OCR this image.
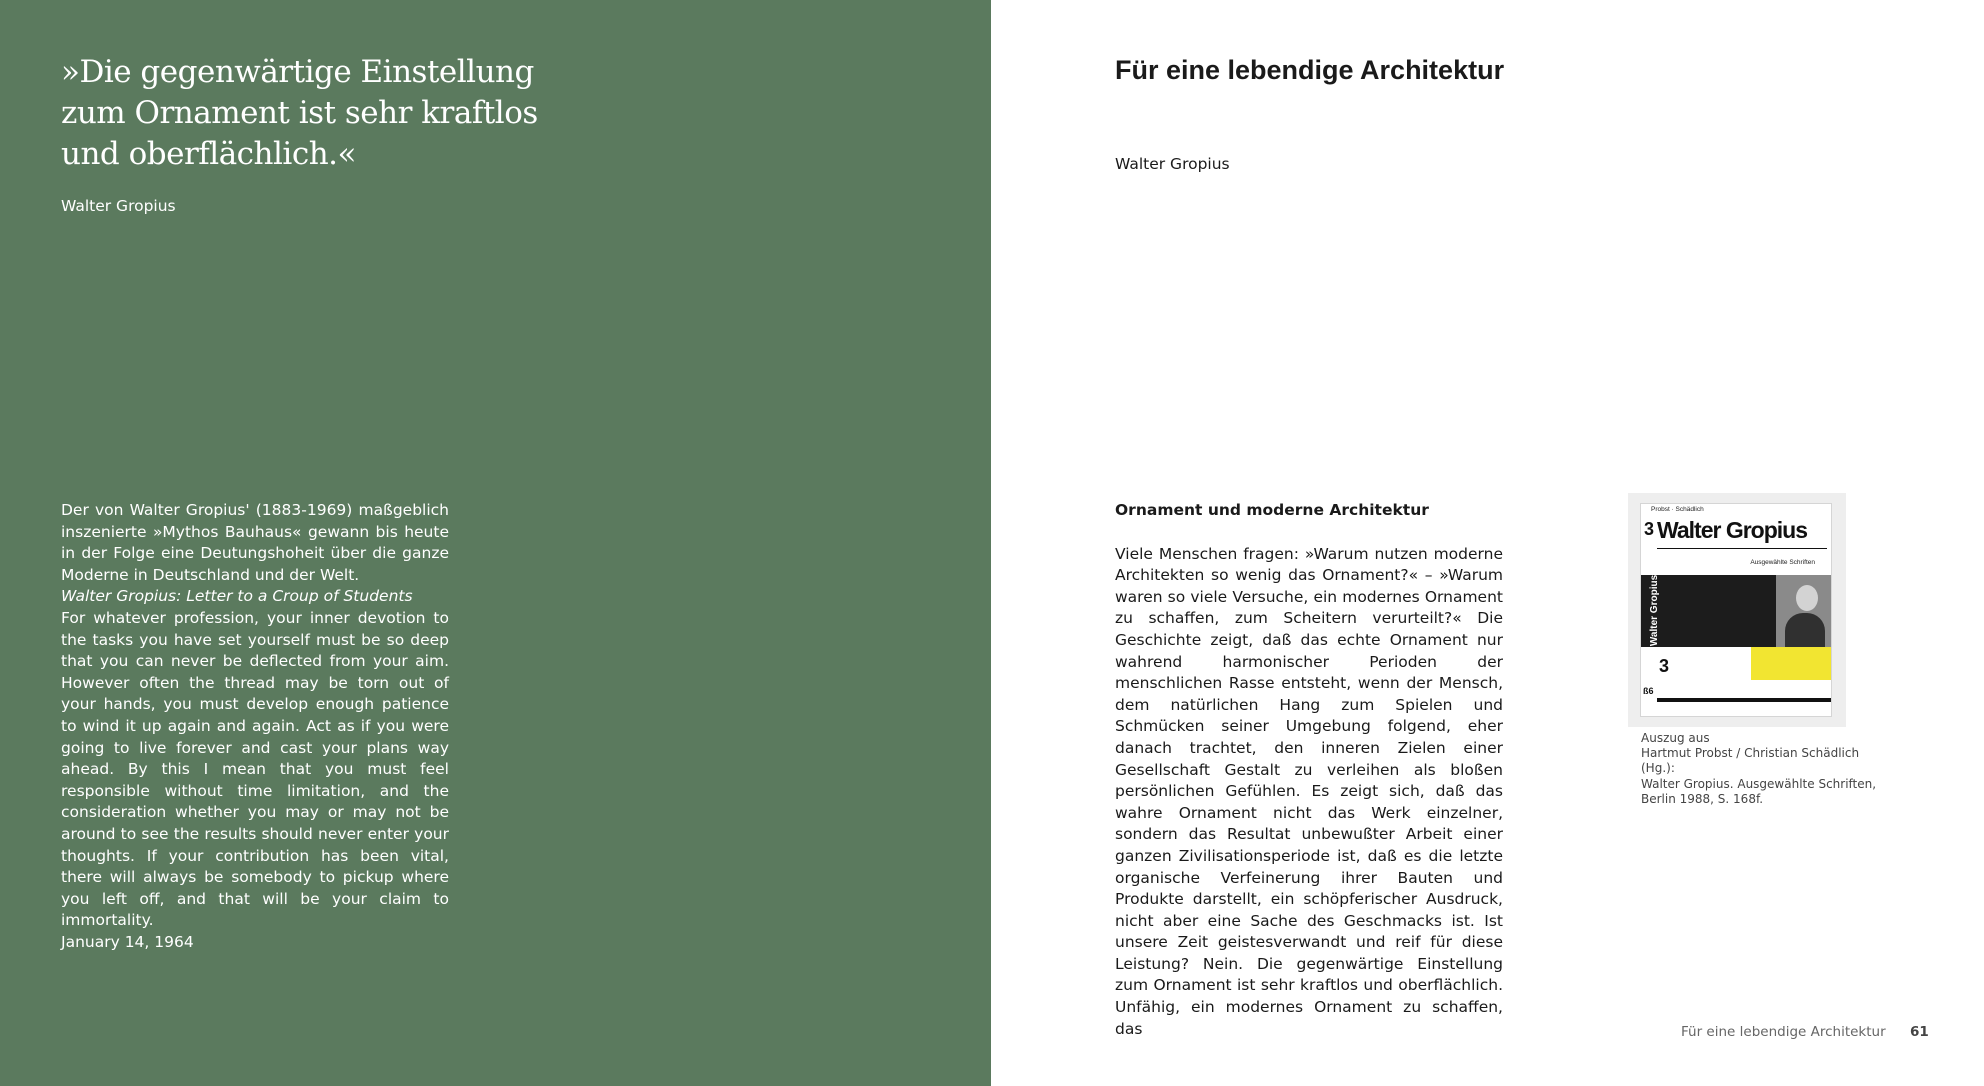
»Die gegenwärtige Einstellung
zum Ornament ist sehr kraftlos
und oberflächlich.«
Walter Gropius

Der von Walter Gropius' (1883-1969) maßgeblich inszenierte »Mythos Bauhaus« gewann bis heute in der Folge eine Deutungshoheit über die ganze Moderne in Deutschland und der Welt.

Walter Gropius: Letter to a Croup of Students

For whatever profession, your inner devotion to the tasks you have set yourself must be so deep that you can never be deflected from your aim. However often the thread may be torn out of your hands, you must develop enough patience to wind it up again and again. Act as if you were going to live forever and cast your plans way ahead. By this I mean that you must feel responsible without time limitation, and the consideration whether you may or may not be around to see the results should never enter your thoughts. If your contribution has been vital, there will always be somebody to pickup where you left off, and that will be your claim to immortality.

January 14, 1964

Für eine lebendige Architektur
Walter Gropius
Ornament und moderne Architektur

Viele Menschen fragen: »Warum nutzen moderne Architekten so wenig das Ornament?« – »Warum waren so viele Versuche, ein modernes Ornament zu schaffen, zum Scheitern verurteilt?« Die Geschichte zeigt, daß das echte Ornament nur wahrend harmonischer Perioden der menschlichen Rasse entsteht, wenn der Mensch, dem natürlichen Hang zum Spielen und Schmücken seiner Umgebung folgend, eher danach trachtet, den inneren Zielen einer Gesellschaft Gestalt zu verleihen als bloßen persönlichen Gefühlen. Es zeigt sich, daß das wahre Ornament nicht das Werk einzelner, sondern das Resultat unbewußter Arbeit einer ganzen Zivilisationsperiode ist, daß es die letzte organische Verfeinerung ihrer Bauten und Produkte darstellt, ein schöpferischer Ausdruck, nicht aber eine Sache des Geschmacks ist. Ist unsere Zeit geistesverwandt und reif für diese Leistung? Nein. Die gegenwärtige Einstellung zum Ornament ist sehr kraftlos und oberflächlich. Unfähig, ein modernes Ornament zu schaffen, das

Probst · Schädlich
3 Walter Gropius
Ausgewählte Schriften
Walter Gropius
3
ß6

Auszug aus

Hartmut Probst / Christian Schädlich (Hg.):

Walter Gropius. Ausgewählte Schriften,

Berlin 1988, S. 168f.

Für eine lebendige Architektur 61
